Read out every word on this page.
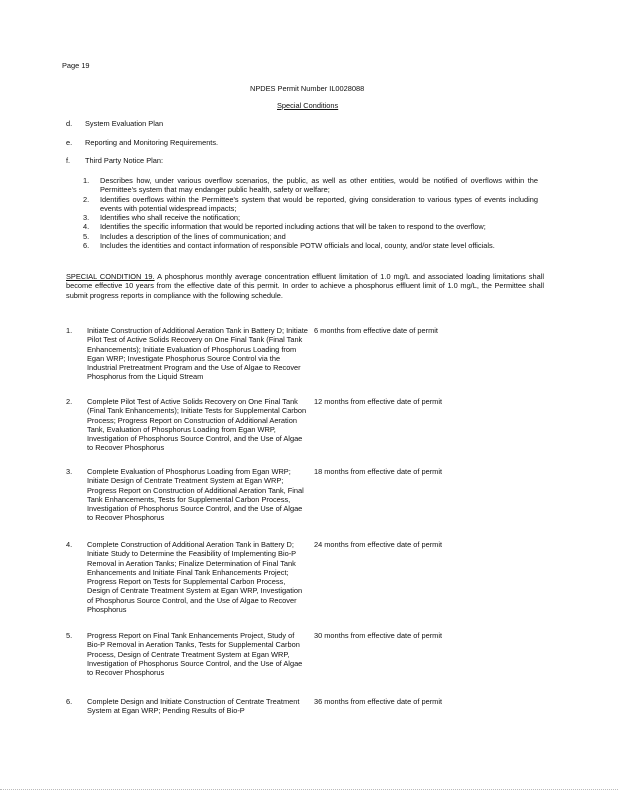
Page 19
NPDES Permit Number IL0028088
Special Conditions
d. System Evaluation Plan
e. Reporting and Monitoring Requirements.
f. Third Party Notice Plan:
1. Describes how, under various overflow scenarios, the public, as well as other entities, would be notified of overflows within the Permittee's system that may endanger public health, safety or welfare;
2. Identifies overflows within the Permittee's system that would be reported, giving consideration to various types of events including events with potential widespread impacts;
3. Identifies who shall receive the notification;
4. Identifies the specific information that would be reported including actions that will be taken to respond to the overflow;
5. Includes a description of the lines of communication; and
6. Includes the identities and contact information of responsible POTW officials and local, county, and/or state level officials.
SPECIAL CONDITION 19. A phosphorus monthly average concentration effluent limitation of 1.0 mg/L and associated loading limitations shall become effective 10 years from the effective date of this permit. In order to achieve a phosphorus effluent limit of 1.0 mg/L, the Permittee shall submit progress reports in compliance with the following schedule.
1. Initiate Construction of Additional Aeration Tank in Battery D; Initiate Pilot Test of Active Solids Recovery on One Final Tank (Final Tank Enhancements); Initiate Evaluation of Phosphorus Loading from Egan WRP; Investigate Phosphorus Source Control via the Industrial Pretreatment Program and the Use of Algae to Recover Phosphorus from the Liquid Stream
6 months from effective date of permit
2. Complete Pilot Test of Active Solids Recovery on One Final Tank (Final Tank Enhancements); Initiate Tests for Supplemental Carbon Process; Progress Report on Construction of Additional Aeration Tank, Evaluation of Phosphorus Loading from Egan WRP, Investigation of Phosphorus Source Control, and the Use of Algae to Recover Phosphorus
12 months from effective date of permit
3. Complete Evaluation of Phosphorus Loading from Egan WRP; Initiate Design of Centrate Treatment System at Egan WRP; Progress Report on Construction of Additional Aeration Tank, Final Tank Enhancements, Tests for Supplemental Carbon Process, Investigation of Phosphorus Source Control, and the Use of Algae to Recover Phosphorus
18 months from effective date of permit
4. Complete Construction of Additional Aeration Tank in Battery D; Initiate Study to Determine the Feasibility of Implementing Bio-P Removal in Aeration Tanks; Finalize Determination of Final Tank Enhancements and Initiate Final Tank Enhancements Project; Progress Report on Tests for Supplemental Carbon Process, Design of Centrate Treatment System at Egan WRP, Investigation of Phosphorus Source Control, and the Use of Algae to Recover Phosphorus
24 months from effective date of permit
5. Progress Report on Final Tank Enhancements Project, Study of Bio-P Removal in Aeration Tanks, Tests for Supplemental Carbon Process, Design of Centrate Treatment System at Egan WRP, Investigation of Phosphorus Source Control, and the Use of Algae to Recover Phosphorus
30 months from effective date of permit
6. Complete Design and Initiate Construction of Centrate Treatment System at Egan WRP; Pending Results of Bio-P
36 months from effective date of permit
